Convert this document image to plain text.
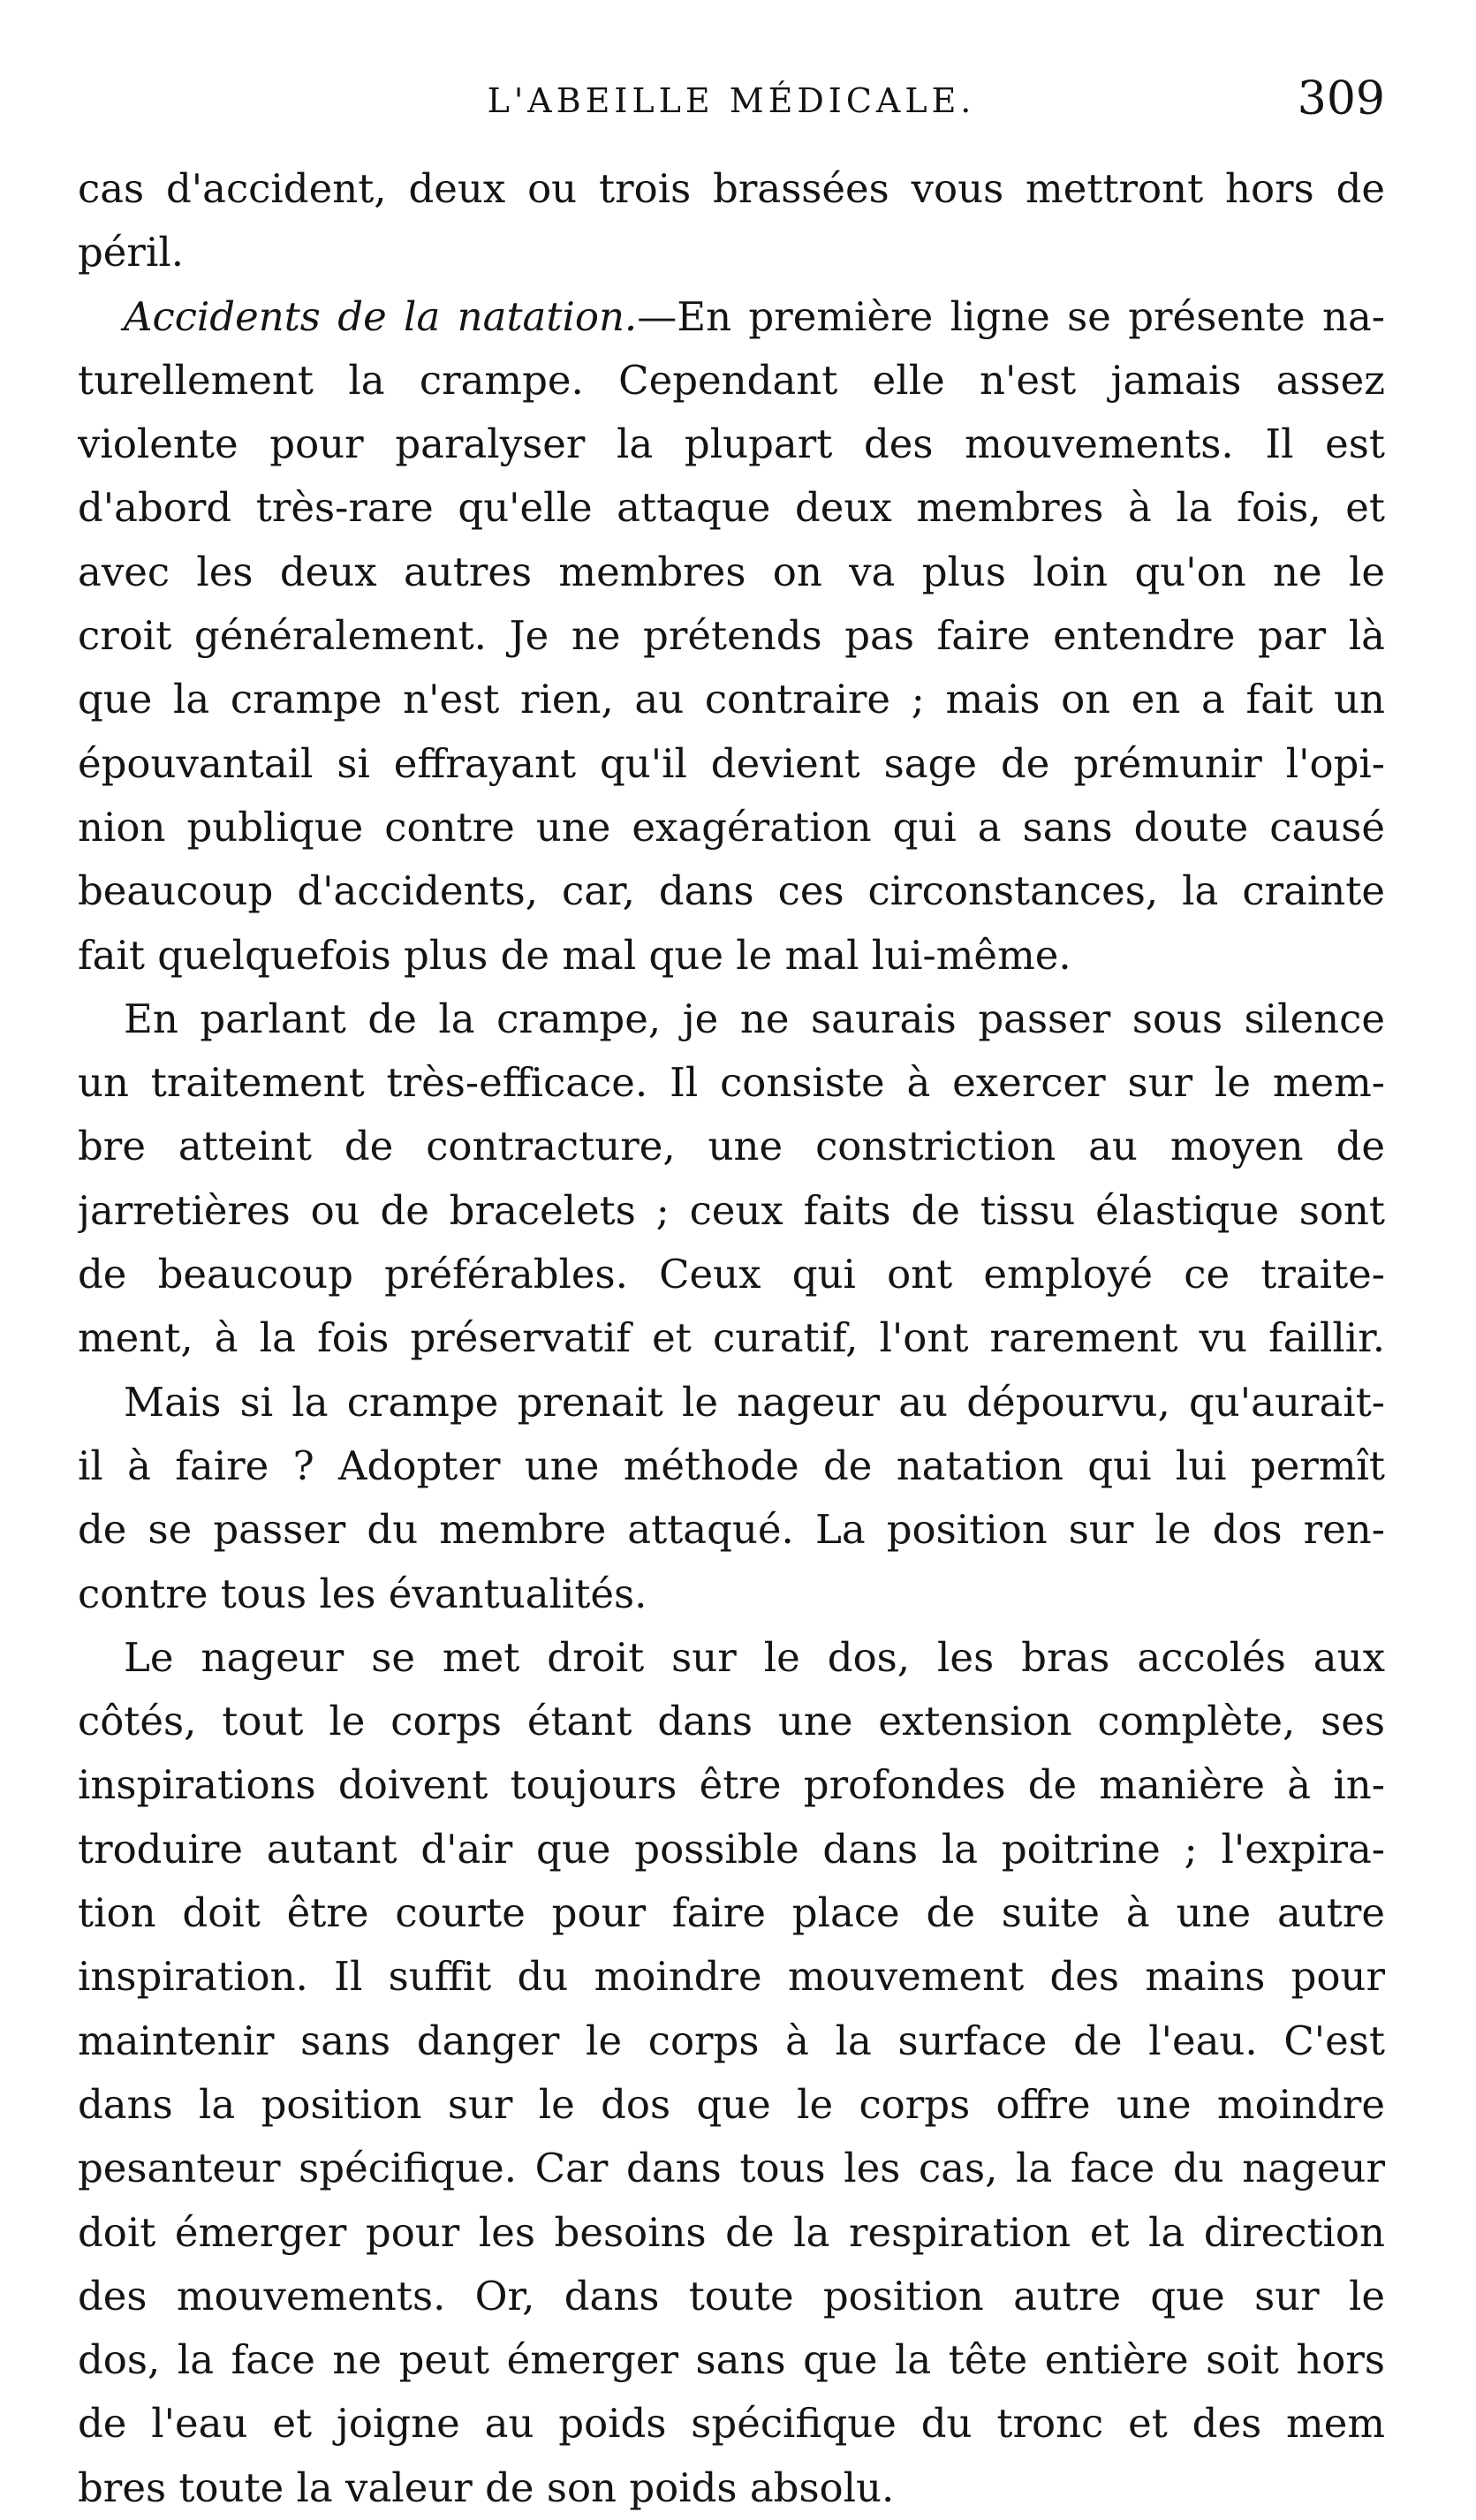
L'ABEILLE MÉDICALE.	309
cas d'accident, deux ou trois brassées vous mettront hors de
péril.
Accidents de la natation.—En première ligne se présente na-
turellement la crampe. Cependant elle n'est jamais assez
violente pour paralyser la plupart des mouvements. Il est
d'abord très-rare qu'elle attaque deux membres à la fois, et
avec les deux autres membres on va plus loin qu'on ne le
croit généralement. Je ne prétends pas faire entendre par là
que la crampe n'est rien, au contraire ; mais on en a fait un
épouvantail si effrayant qu'il devient sage de prémunir l'opi-
nion publique contre une exagération qui a sans doute causé
beaucoup d'accidents, car, dans ces circonstances, la crainte
fait quelquefois plus de mal que le mal lui-même.
En parlant de la crampe, je ne saurais passer sous silence
un traitement très-efficace. Il consiste à exercer sur le mem-
bre atteint de contracture, une constriction au moyen de
jarretières ou de bracelets ; ceux faits de tissu élastique sont
de beaucoup préférables. Ceux qui ont employé ce traite-
ment, à la fois préservatif et curatif, l'ont rarement vu faillir.
Mais si la crampe prenait le nageur au dépourvu, qu'aurait-
il à faire ? Adopter une méthode de natation qui lui permît
de se passer du membre attaqué. La position sur le dos ren-
contre tous les évantualités.
Le nageur se met droit sur le dos, les bras accolés aux
côtés, tout le corps étant dans une extension complète, ses
inspirations doivent toujours être profondes de manière à in-
troduire autant d'air que possible dans la poitrine ; l'expira-
tion doit être courte pour faire place de suite à une autre
inspiration. Il suffit du moindre mouvement des mains pour
maintenir sans danger le corps à la surface de l'eau. C'est
dans la position sur le dos que le corps offre une moindre
pesanteur spécifique. Car dans tous les cas, la face du nageur
doit émerger pour les besoins de la respiration et la direction
des mouvements. Or, dans toute position autre que sur le
dos, la face ne peut émerger sans que la tête entière soit hors
de l'eau et joigne au poids spécifique du tronc et des mem
bres toute la valeur de son poids absolu.
